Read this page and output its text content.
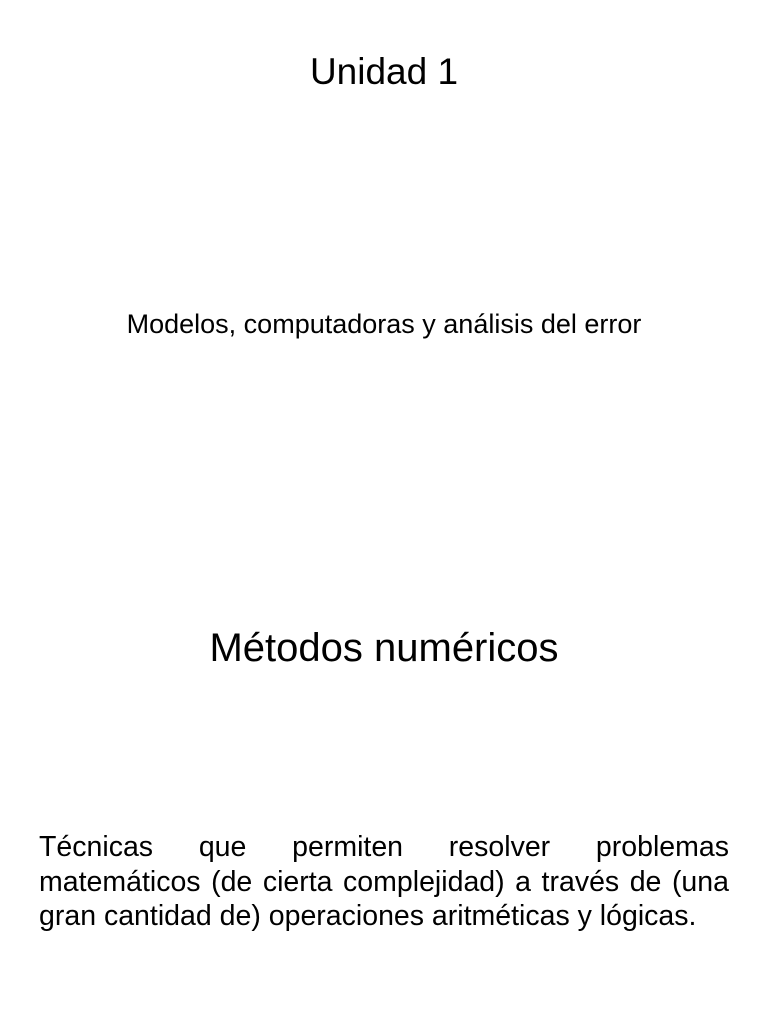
Unidad 1

Modelos, computadoras y análisis del error

Métodos numéricos

Técnicas que permiten resolver problemas matemáticos (de cierta complejidad) a través de (una gran cantidad de) operaciones aritméticas y lógicas.
